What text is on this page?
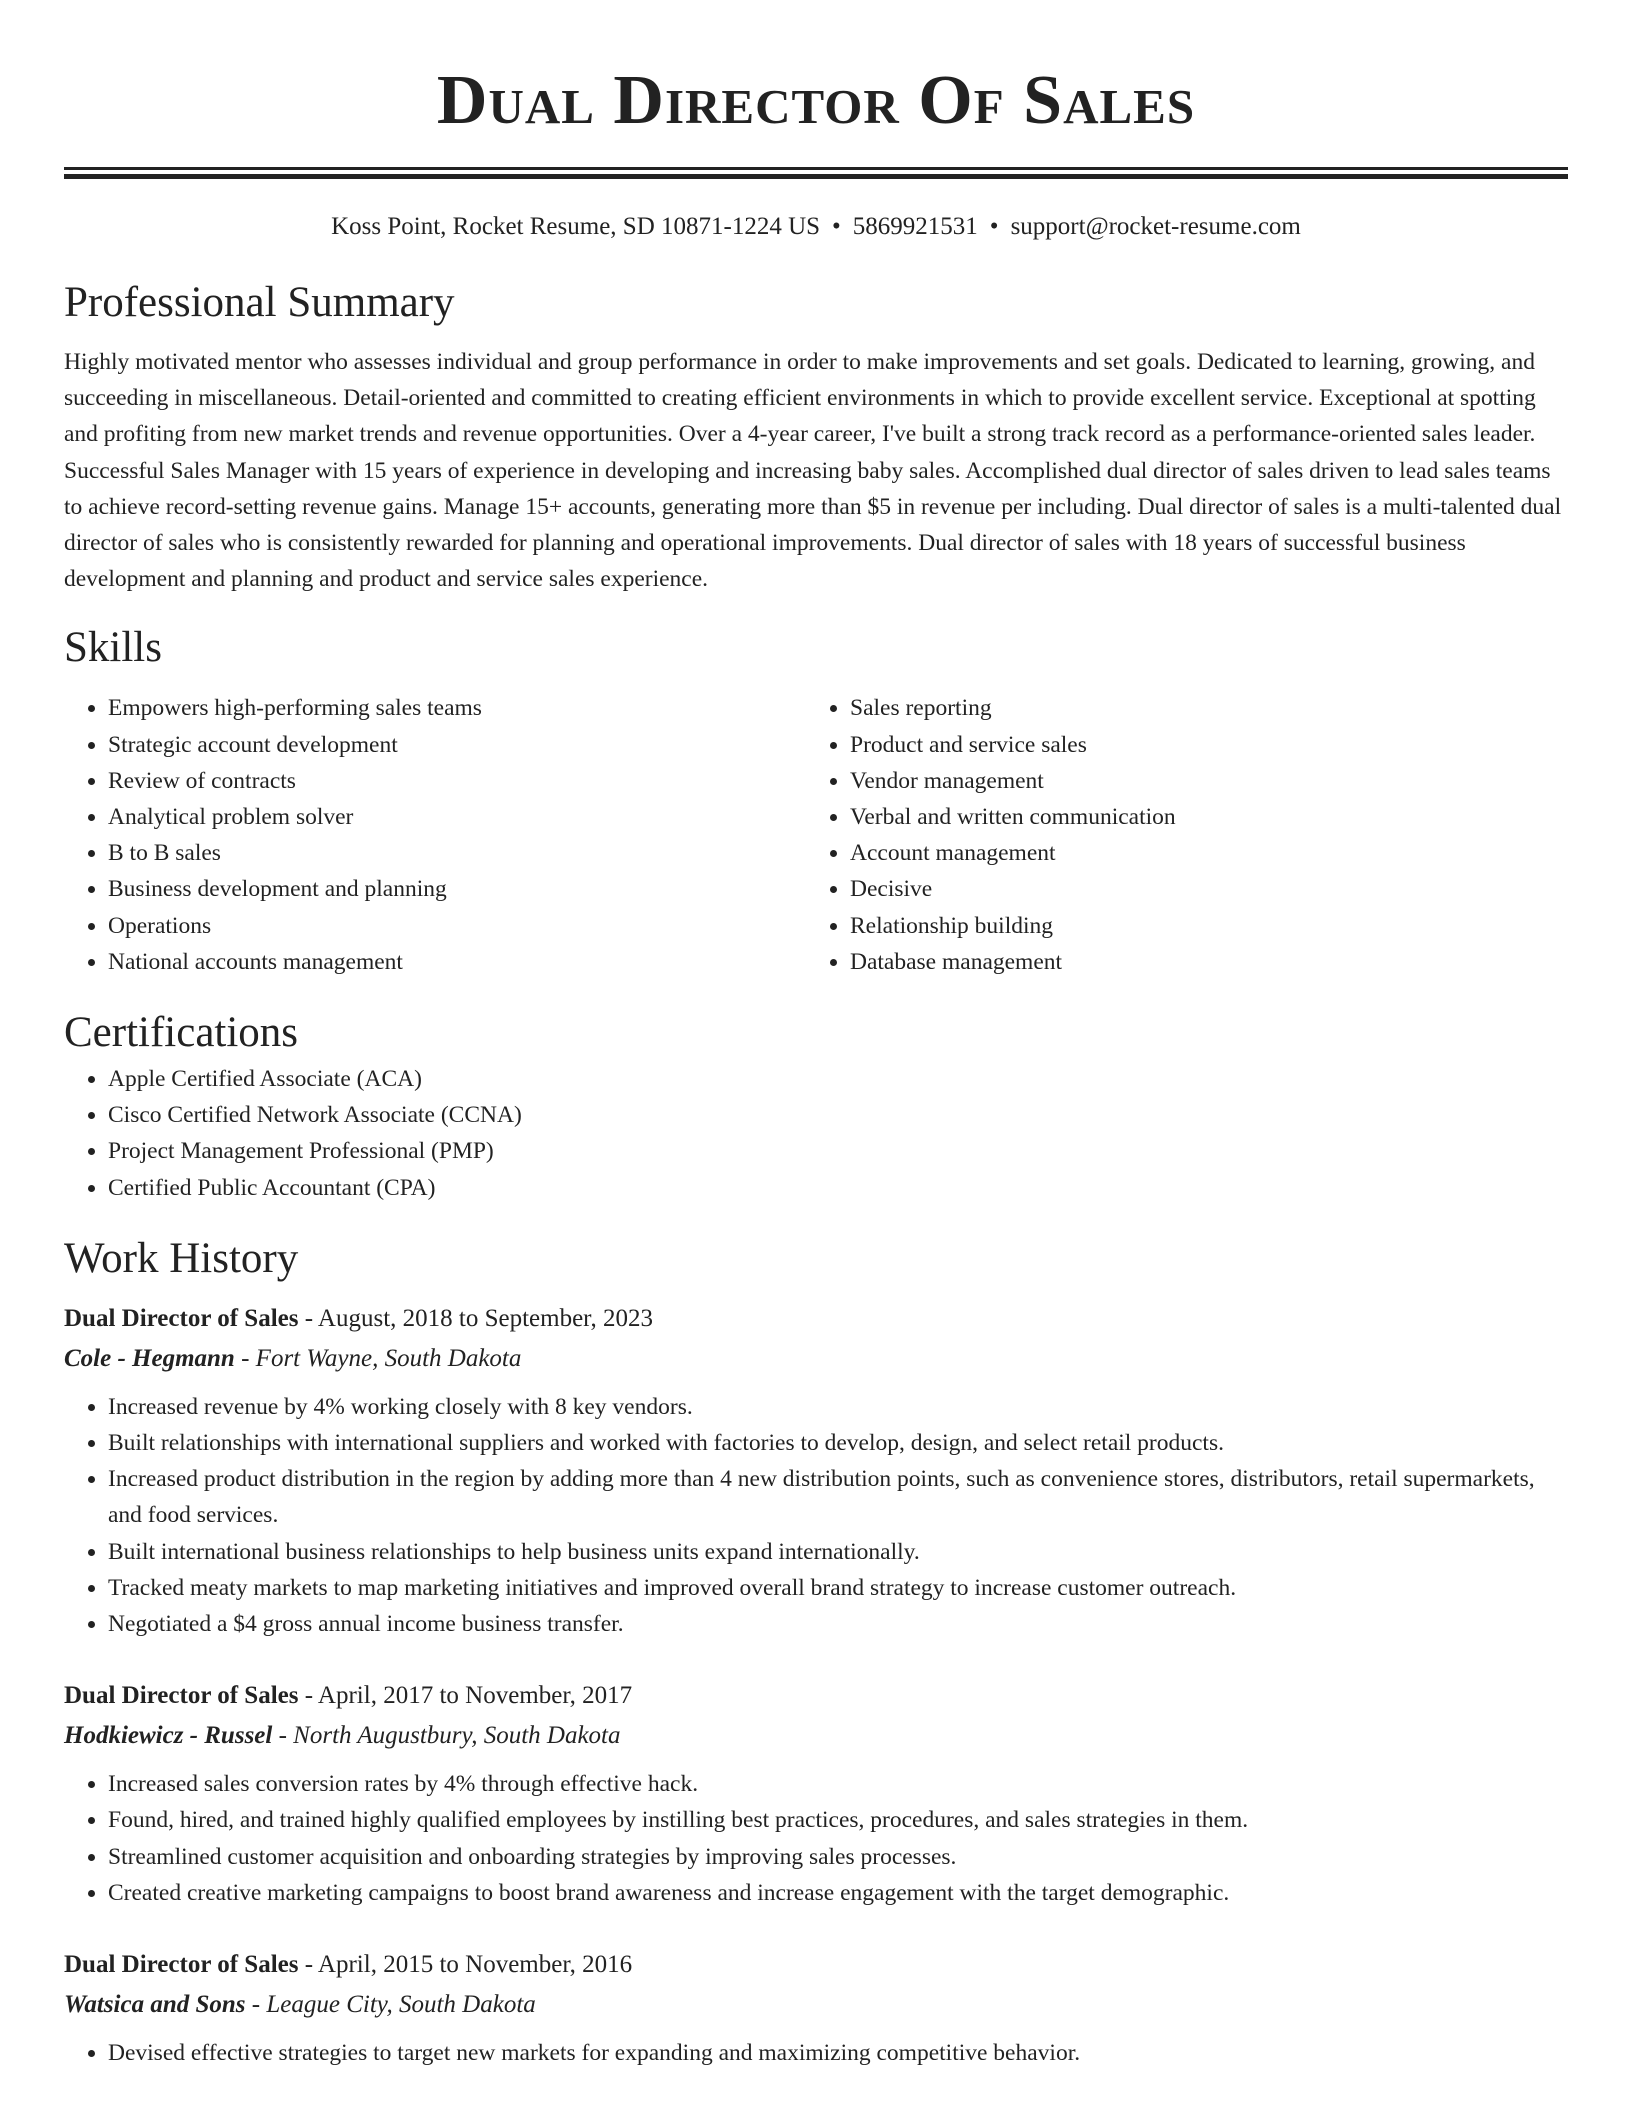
Dual Director Of Sales
Koss Point, Rocket Resume, SD 10871-1224 US • 5869921531 • support@rocket-resume.com
Professional Summary

Highly motivated mentor who assesses individual and group performance in order to make improvements and set goals. Dedicated to learning, growing, and succeeding in miscellaneous. Detail-oriented and committed to creating efficient environments in which to provide excellent service. Exceptional at spotting and profiting from new market trends and revenue opportunities. Over a 4-year career, I've built a strong track record as a performance-oriented sales leader. Successful Sales Manager with 15 years of experience in developing and increasing baby sales. Accomplished dual director of sales driven to lead sales teams to achieve record-setting revenue gains. Manage 15+ accounts, generating more than $5 in revenue per including. Dual director of sales is a multi-talented dual director of sales who is consistently rewarded for planning and operational improvements. Dual director of sales with 18 years of successful business development and planning and product and service sales experience.

Skills
• Empowers high-performing sales teams
• Strategic account development
• Review of contracts
• Analytical problem solver
• B to B sales
• Business development and planning
• Operations
• National accounts management
• Sales reporting
• Product and service sales
• Vendor management
• Verbal and written communication
• Account management
• Decisive
• Relationship building
• Database management
Certifications
• Apple Certified Associate (ACA)
• Cisco Certified Network Associate (CCNA)
• Project Management Professional (PMP)
• Certified Public Accountant (CPA)
Work History
Dual Director of Sales - August, 2018 to September, 2023
Cole - Hegmann - Fort Wayne, South Dakota
• Increased revenue by 4% working closely with 8 key vendors.
• Built relationships with international suppliers and worked with factories to develop, design, and select retail products.
• Increased product distribution in the region by adding more than 4 new distribution points, such as convenience stores, distributors, retail supermarkets, and food services.
• Built international business relationships to help business units expand internationally.
• Tracked meaty markets to map marketing initiatives and improved overall brand strategy to increase customer outreach.
• Negotiated a $4 gross annual income business transfer.
Dual Director of Sales - April, 2017 to November, 2017
Hodkiewicz - Russel - North Augustbury, South Dakota
• Increased sales conversion rates by 4% through effective hack.
• Found, hired, and trained highly qualified employees by instilling best practices, procedures, and sales strategies in them.
• Streamlined customer acquisition and onboarding strategies by improving sales processes.
• Created creative marketing campaigns to boost brand awareness and increase engagement with the target demographic.
Dual Director of Sales - April, 2015 to November, 2016
Watsica and Sons - League City, South Dakota
• Devised effective strategies to target new markets for expanding and maximizing competitive behavior.
